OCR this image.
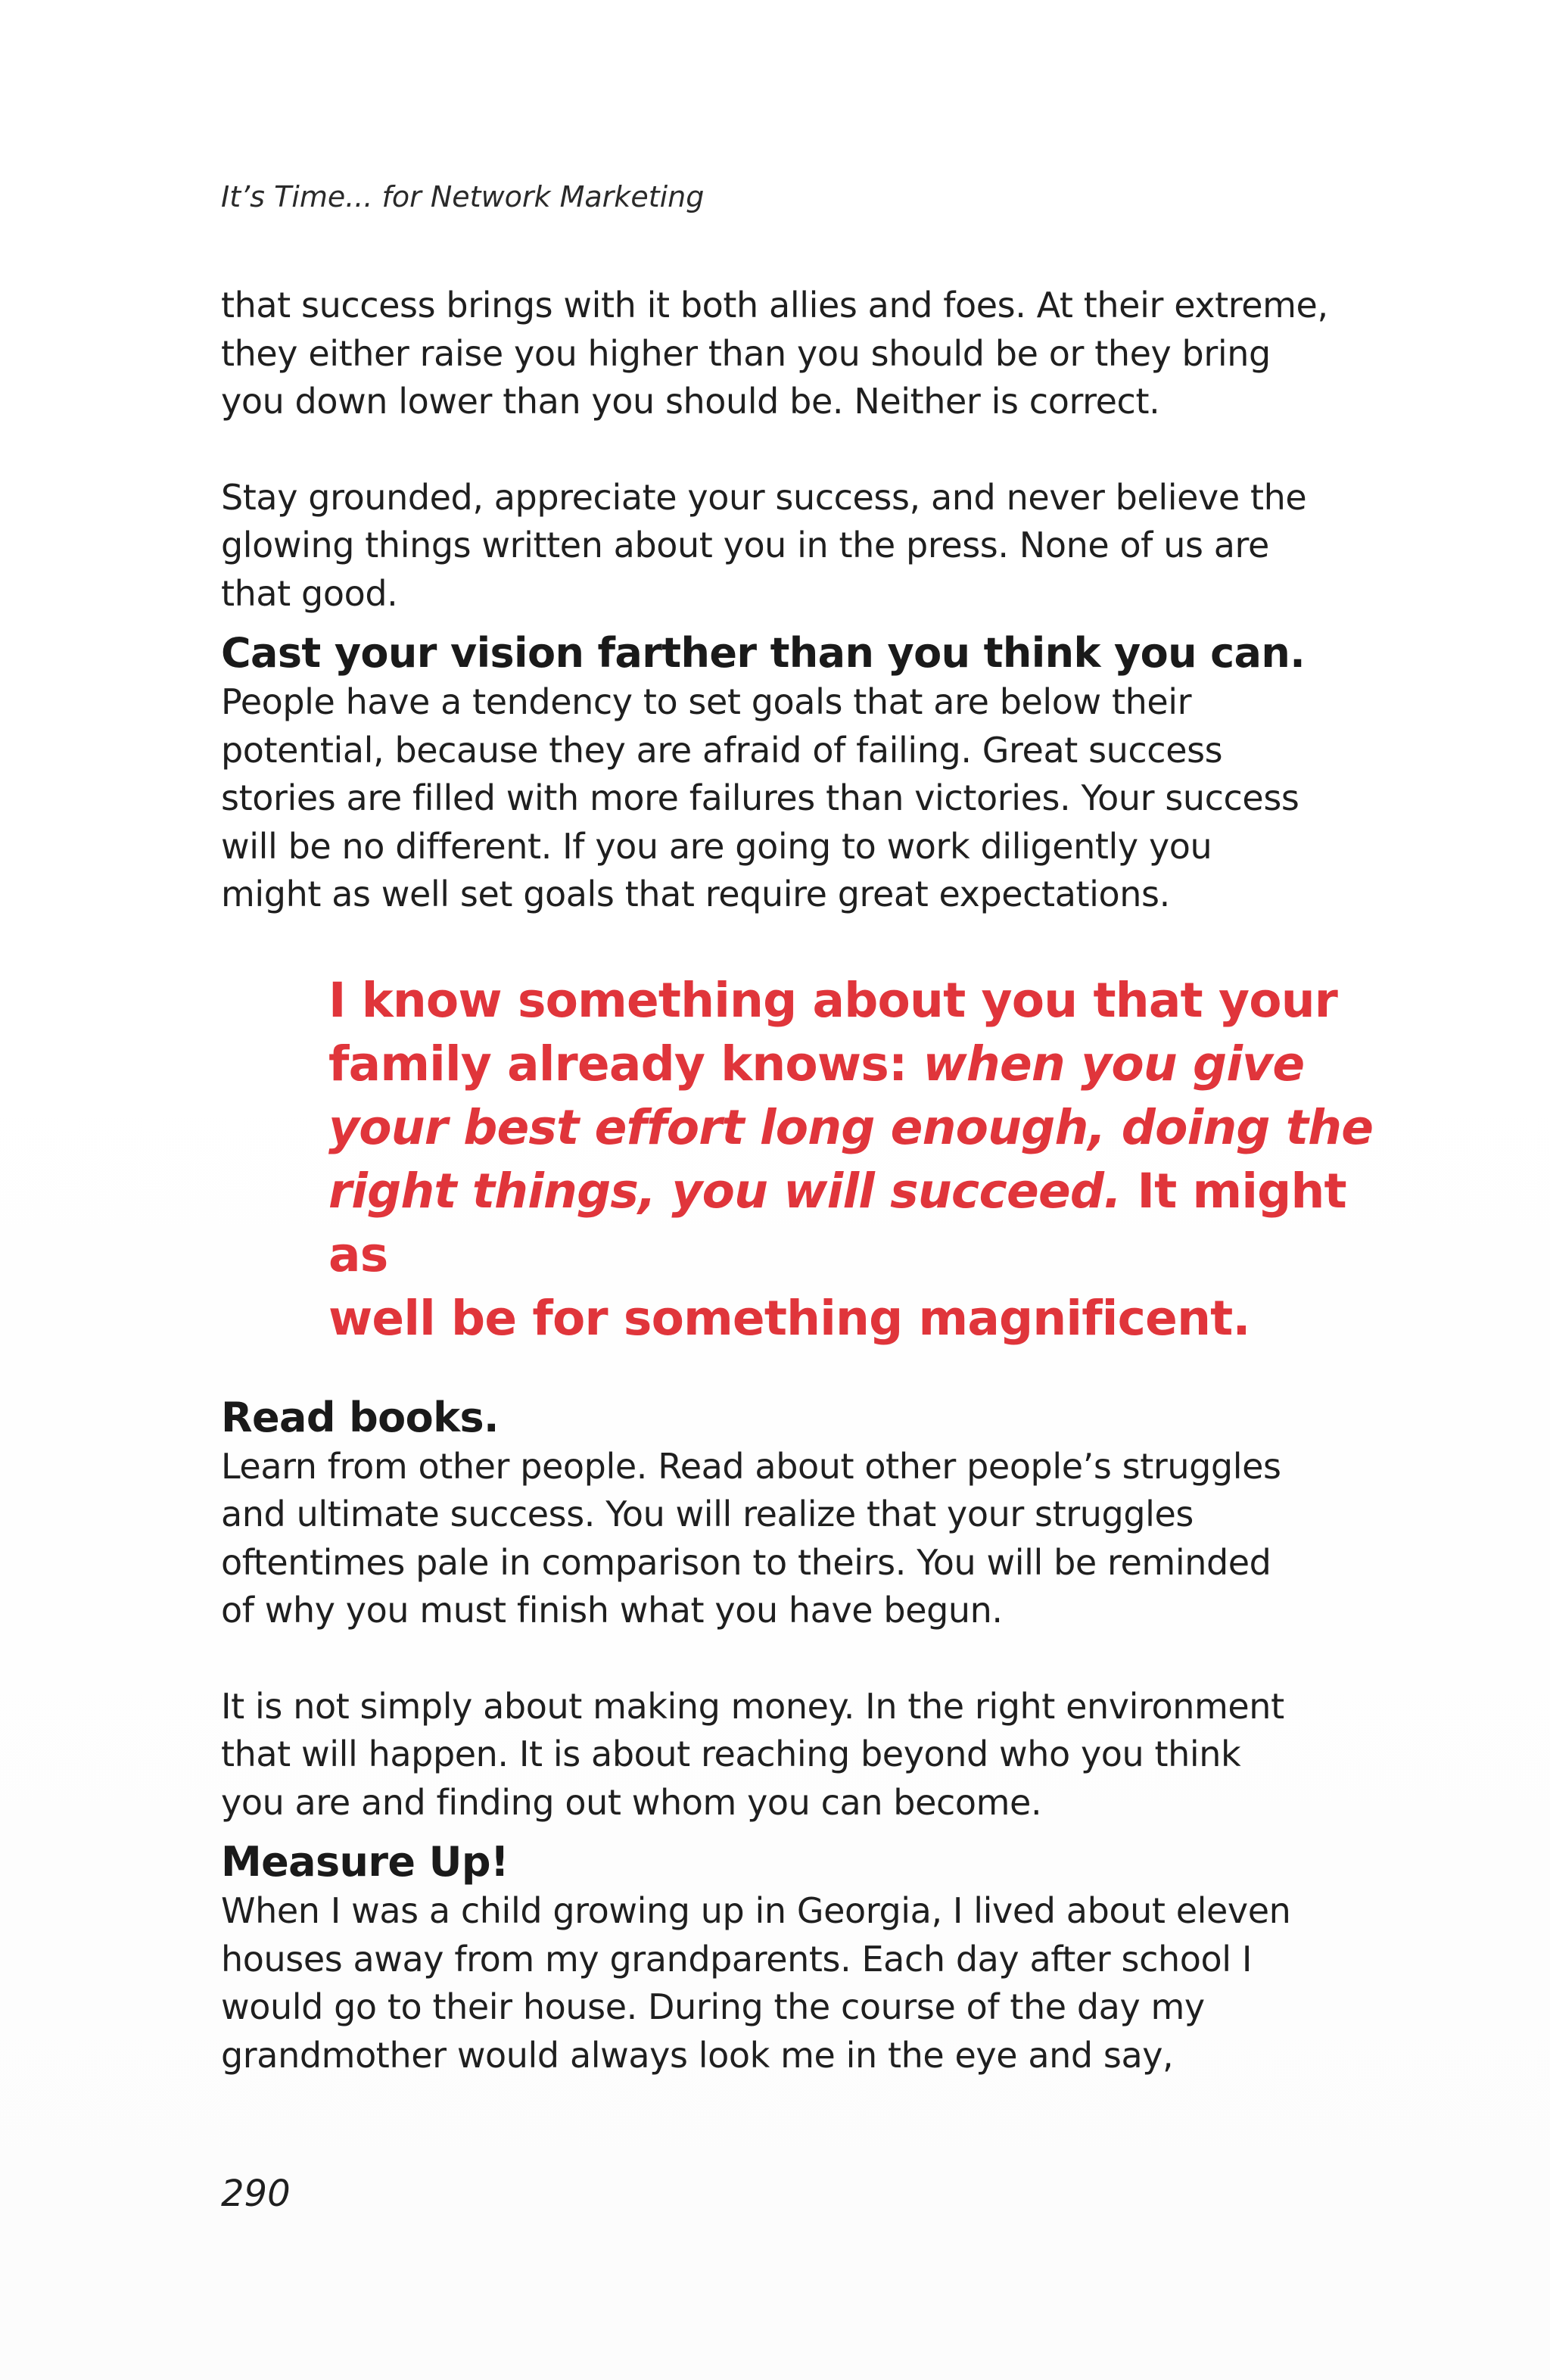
It’s Time... for Network Marketing

that success brings with it both allies and foes. At their extreme,
they either raise you higher than you should be or they bring
you down lower than you should be. Neither is correct.

Stay grounded, appreciate your success, and never believe the
glowing things written about you in the press. None of us are
that good.

Cast your vision farther than you think you can.

People have a tendency to set goals that are below their
potential, because they are afraid of failing. Great success
stories are filled with more failures than victories. Your success
will be no different. If you are going to work diligently you
might as well set goals that require great expectations.

I know something about you that your
family already knows: when you give
your best effort long enough, doing the
right things, you will succeed. It might as
well be for something magnificent.
Read books.

Learn from other people. Read about other people’s struggles
and ultimate success. You will realize that your struggles
oftentimes pale in comparison to theirs. You will be reminded
of why you must finish what you have begun.

It is not simply about making money. In the right environment
that will happen. It is about reaching beyond who you think
you are and finding out whom you can become.

Measure Up!

When I was a child growing up in Georgia, I lived about eleven
houses away from my grandparents. Each day after school I
would go to their house. During the course of the day my
grandmother would always look me in the eye and say,

290
